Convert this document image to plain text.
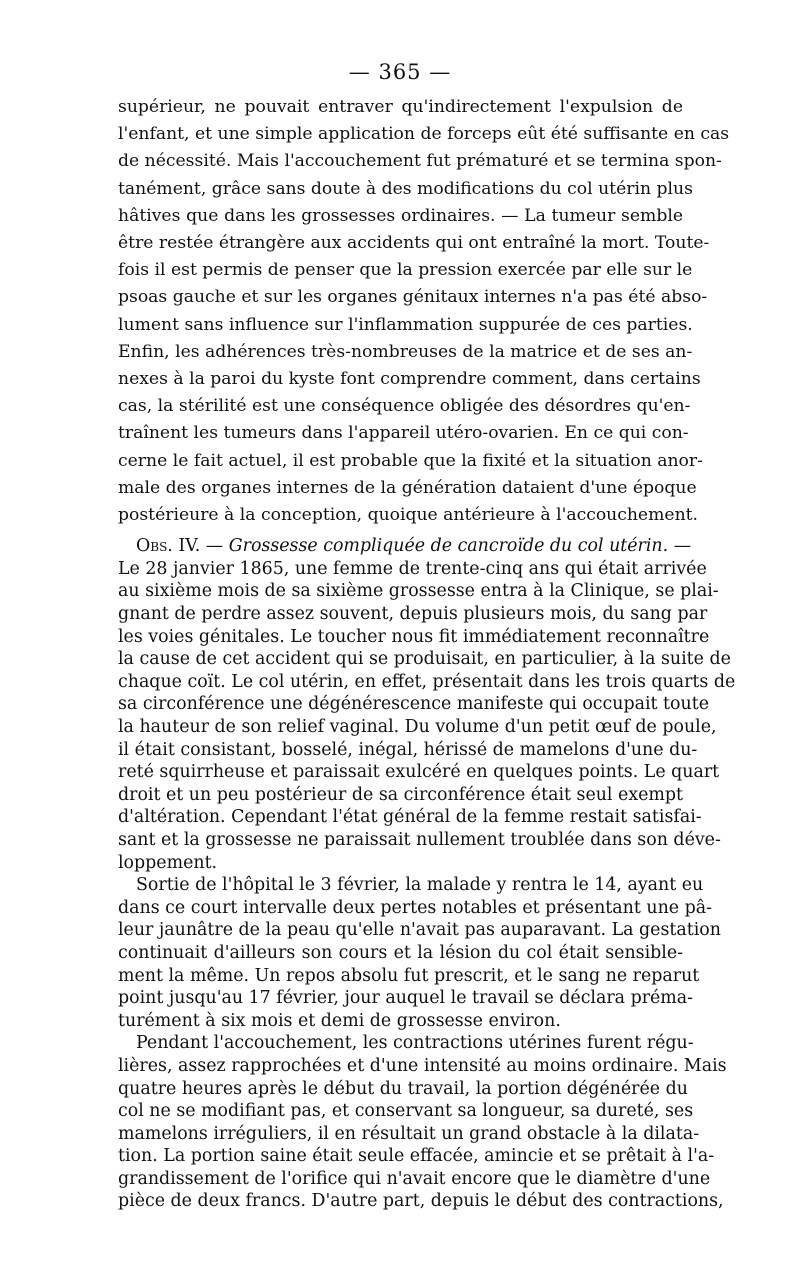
— 365 —
supérieur, ne pouvait entraver qu'indirectement l'expulsion de
l'enfant, et une simple application de forceps eût été suffisante en cas
de nécessité. Mais l'accouchement fut prématuré et se termina spon-
tanément, grâce sans doute à des modifications du col utérin plus
hâtives que dans les grossesses ordinaires. — La tumeur semble
être restée étrangère aux accidents qui ont entraîné la mort. Toute-
fois il est permis de penser que la pression exercée par elle sur le
psoas gauche et sur les organes génitaux internes n'a pas été abso-
lument sans influence sur l'inflammation suppurée de ces parties.
Enfin, les adhérences très-nombreuses de la matrice et de ses an-
nexes à la paroi du kyste font comprendre comment, dans certains
cas, la stérilité est une conséquence obligée des désordres qu'en-
traînent les tumeurs dans l'appareil utéro-ovarien. En ce qui con-
cerne le fait actuel, il est probable que la fixité et la situation anor-
male des organes internes de la génération dataient d'une époque
postérieure à la conception, quoique antérieure à l'accouchement.
Obs. IV. — Grossesse compliquée de cancroïde du col utérin. —
Le 28 janvier 1865, une femme de trente-cinq ans qui était arrivée
au sixième mois de sa sixième grossesse entra à la Clinique, se plai-
gnant de perdre assez souvent, depuis plusieurs mois, du sang par
les voies génitales. Le toucher nous fit immédiatement reconnaître
la cause de cet accident qui se produisait, en particulier, à la suite de
chaque coït. Le col utérin, en effet, présentait dans les trois quarts de
sa circonférence une dégénérescence manifeste qui occupait toute
la hauteur de son relief vaginal. Du volume d'un petit œuf de poule,
il était consistant, bosselé, inégal, hérissé de mamelons d'une du-
reté squirrheuse et paraissait exulcéré en quelques points. Le quart
droit et un peu postérieur de sa circonférence était seul exempt
d'altération. Cependant l'état général de la femme restait satisfai-
sant et la grossesse ne paraissait nullement troublée dans son déve-
loppement.
Sortie de l'hôpital le 3 février, la malade y rentra le 14, ayant eu
dans ce court intervalle deux pertes notables et présentant une pâ-
leur jaunâtre de la peau qu'elle n'avait pas auparavant. La gestation
continuait d'ailleurs son cours et la lésion du col était sensible-
ment la même. Un repos absolu fut prescrit, et le sang ne reparut
point jusqu'au 17 février, jour auquel le travail se déclara préma-
turément à six mois et demi de grossesse environ.
Pendant l'accouchement, les contractions utérines furent régu-
lières, assez rapprochées et d'une intensité au moins ordinaire. Mais
quatre heures après le début du travail, la portion dégénérée du
col ne se modifiant pas, et conservant sa longueur, sa dureté, ses
mamelons irréguliers, il en résultait un grand obstacle à la dilata-
tion. La portion saine était seule effacée, amincie et se prêtait à l'a-
grandissement de l'orifice qui n'avait encore que le diamètre d'une
pièce de deux francs. D'autre part, depuis le début des contractions,
